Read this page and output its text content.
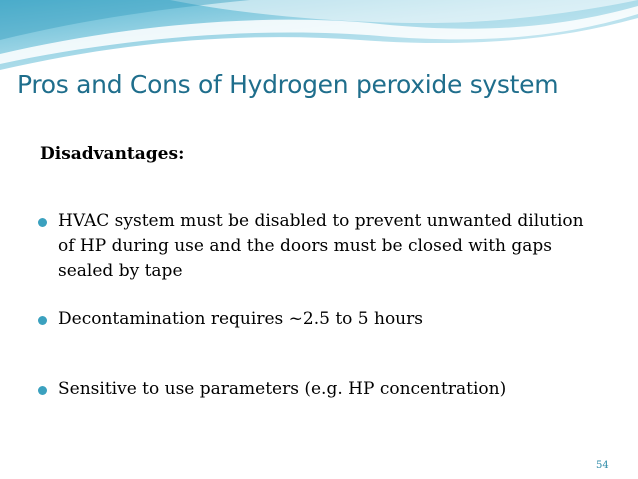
Pros and Cons of Hydrogen peroxide system
Disadvantages:
HVAC system must be disabled to prevent unwanted dilution of HP during use and the doors must be closed with gaps sealed by tape
Decontamination requires ~2.5 to 5 hours
Sensitive to use parameters (e.g. HP concentration)
54
